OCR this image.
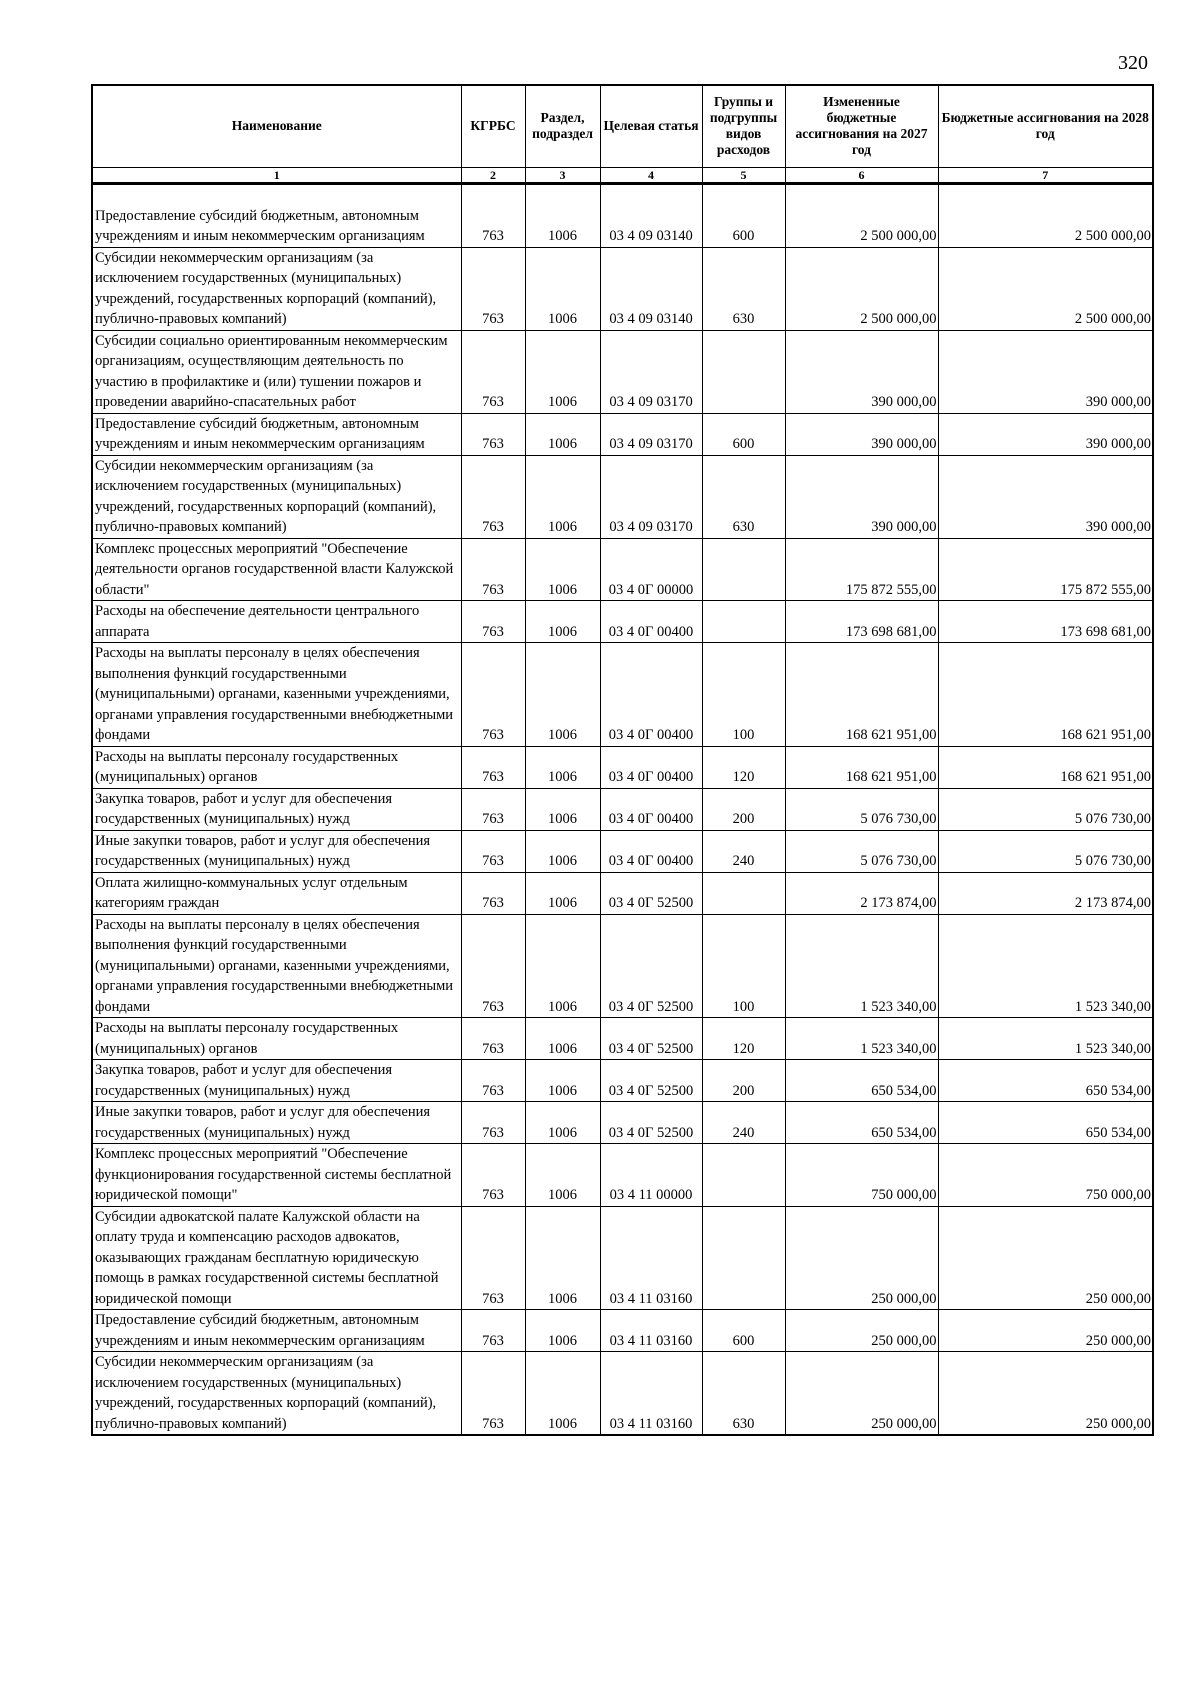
320
Наименование	КГРБС	Раздел, подраздел	Целевая статья	Группы и подгруппы видов расходов	Измененные бюджетные ассигнования на 2027 год	Бюджетные ассигнования на 2028 год
1	2	3	4	5	6	7
Предоставление субсидий бюджетным, автономным учреждениям и иным некоммерческим организациям	763	1006	03 4 09 03140	600	2 500 000,00	2 500 000,00
Субсидии некоммерческим организациям (за исключением государственных (муниципальных) учреждений, государственных корпораций (компаний), публично-правовых компаний)	763	1006	03 4 09 03140	630	2 500 000,00	2 500 000,00
Субсидии социально ориентированным некоммерческим организациям, осуществляющим деятельность по участию в профилактике и (или) тушении пожаров и проведении аварийно-спасательных работ	763	1006	03 4 09 03170		390 000,00	390 000,00
Предоставление субсидий бюджетным, автономным учреждениям и иным некоммерческим организациям	763	1006	03 4 09 03170	600	390 000,00	390 000,00
Субсидии некоммерческим организациям (за исключением государственных (муниципальных) учреждений, государственных корпораций (компаний), публично-правовых компаний)	763	1006	03 4 09 03170	630	390 000,00	390 000,00
Комплекс процессных мероприятий "Обеспечение деятельности органов государственной власти Калужской области"	763	1006	03 4 0Г 00000		175 872 555,00	175 872 555,00
Расходы на обеспечение деятельности центрального аппарата	763	1006	03 4 0Г 00400		173 698 681,00	173 698 681,00
Расходы на выплаты персоналу в целях обеспечения выполнения функций государственными (муниципальными) органами, казенными учреждениями, органами управления государственными внебюджетными фондами	763	1006	03 4 0Г 00400	100	168 621 951,00	168 621 951,00
Расходы на выплаты персоналу государственных (муниципальных) органов	763	1006	03 4 0Г 00400	120	168 621 951,00	168 621 951,00
Закупка товаров, работ и услуг для обеспечения государственных (муниципальных) нужд	763	1006	03 4 0Г 00400	200	5 076 730,00	5 076 730,00
Иные закупки товаров, работ и услуг для обеспечения государственных (муниципальных) нужд	763	1006	03 4 0Г 00400	240	5 076 730,00	5 076 730,00
Оплата жилищно-коммунальных услуг отдельным категориям граждан	763	1006	03 4 0Г 52500		2 173 874,00	2 173 874,00
Расходы на выплаты персоналу в целях обеспечения выполнения функций государственными (муниципальными) органами, казенными учреждениями, органами управления государственными внебюджетными фондами	763	1006	03 4 0Г 52500	100	1 523 340,00	1 523 340,00
Расходы на выплаты персоналу государственных (муниципальных) органов	763	1006	03 4 0Г 52500	120	1 523 340,00	1 523 340,00
Закупка товаров, работ и услуг для обеспечения государственных (муниципальных) нужд	763	1006	03 4 0Г 52500	200	650 534,00	650 534,00
Иные закупки товаров, работ и услуг для обеспечения государственных (муниципальных) нужд	763	1006	03 4 0Г 52500	240	650 534,00	650 534,00
Комплекс процессных мероприятий "Обеспечение функционирования государственной системы бесплатной юридической помощи"	763	1006	03 4 11 00000		750 000,00	750 000,00
Субсидии адвокатской палате Калужской области на оплату труда и компенсацию расходов адвокатов, оказывающих гражданам бесплатную юридическую помощь в рамках государственной системы бесплатной юридической помощи	763	1006	03 4 11 03160		250 000,00	250 000,00
Предоставление субсидий бюджетным, автономным учреждениям и иным некоммерческим организациям	763	1006	03 4 11 03160	600	250 000,00	250 000,00
Субсидии некоммерческим организациям (за исключением государственных (муниципальных) учреждений, государственных корпораций (компаний), публично-правовых компаний)	763	1006	03 4 11 03160	630	250 000,00	250 000,00
